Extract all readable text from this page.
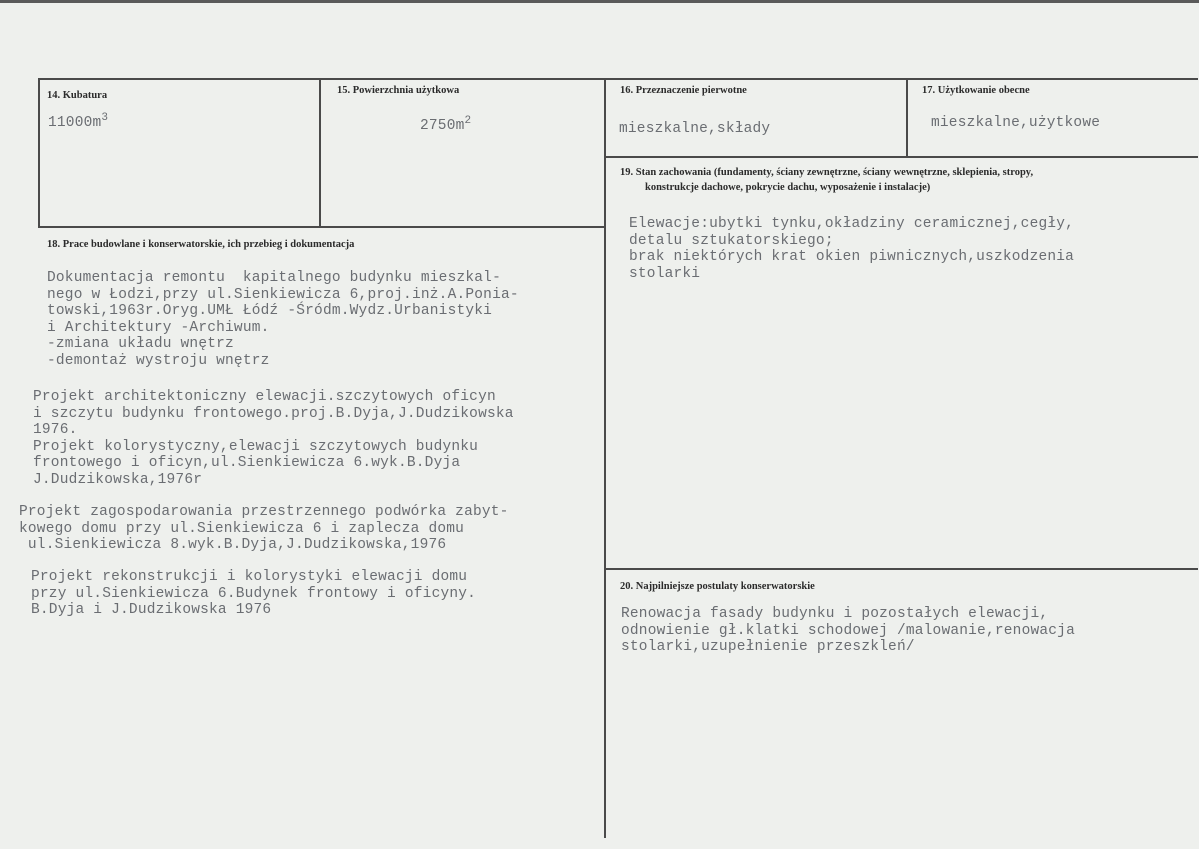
14. Kubatura
$11000m^3$
15. Powierzchnia użytkowa
$2750m^2$
16. Przeznaczenie pierwotne
mieszkalne,składy
17. Użytkowanie obecne
mieszkalne,użytkowe
19. Stan zachowania (fundamenty, ściany zewnętrzne, ściany wewnętrzne, sklepienia, stropy,
konstrukcje dachowe, pokrycie dachu, wyposażenie i instalacje)
Elewacje:ubytki tynku,okładziny ceramicznej,cegły,
detalu sztukatorskiego;
brak niektórych krat okien piwnicznych,uszkodzenia
stolarki
18. Prace budowlane i konserwatorskie, ich przebieg i dokumentacja
Dokumentacja remontu  kapitalnego budynku mieszkal-
nego w Łodzi,przy ul.Sienkiewicza 6,proj.inż.A.Ponia-
towski,1963r.Oryg.UMŁ Łódź -Śródm.Wydz.Urbanistyki
i Architektury -Archiwum.
-zmiana układu wnętrz
-demontaż wystroju wnętrz
Projekt architektoniczny elewacji.szczytowych oficyn
i szczytu budynku frontowego.proj.B.Dyja,J.Dudzikowska
1976.
Projekt kolorystyczny,elewacji szczytowych budynku
frontowego i oficyn,ul.Sienkiewicza 6.wyk.B.Dyja
J.Dudzikowska,1976r
Projekt zagospodarowania przestrzennego podwórka zabyt-
kowego domu przy ul.Sienkiewicza 6 i zaplecza domu
ul.Sienkiewicza 8.wyk.B.Dyja,J.Dudzikowska,1976
Projekt rekonstrukcji i kolorystyki elewacji domu
przy ul.Sienkiewicza 6.Budynek frontowy i oficyny.
B.Dyja i J.Dudzikowska 1976
20. Najpilniejsze postulaty konserwatorskie
Renowacja fasady budynku i pozostałych elewacji,
odnowienie gł.klatki schodowej /malowanie,renowacja
stolarki,uzupełnienie przeszkleń/
